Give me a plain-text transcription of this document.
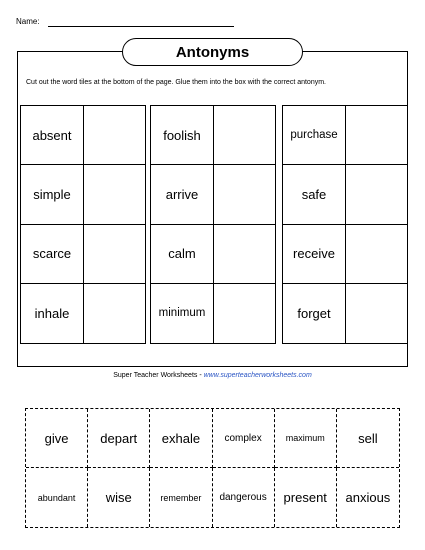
Name:
Antonyms
Cut out the word tiles at the bottom of the page. Glue them into the box with the correct antonym.
absent
simple
scarce
inhale
foolish
arrive
calm
minimum
purchase
safe
receive
forget
Super Teacher Worksheets - www.superteacherworksheets.com
give	depart	exhale	complex	maximum	sell
abundant	wise	remember	dangerous	present	anxious
